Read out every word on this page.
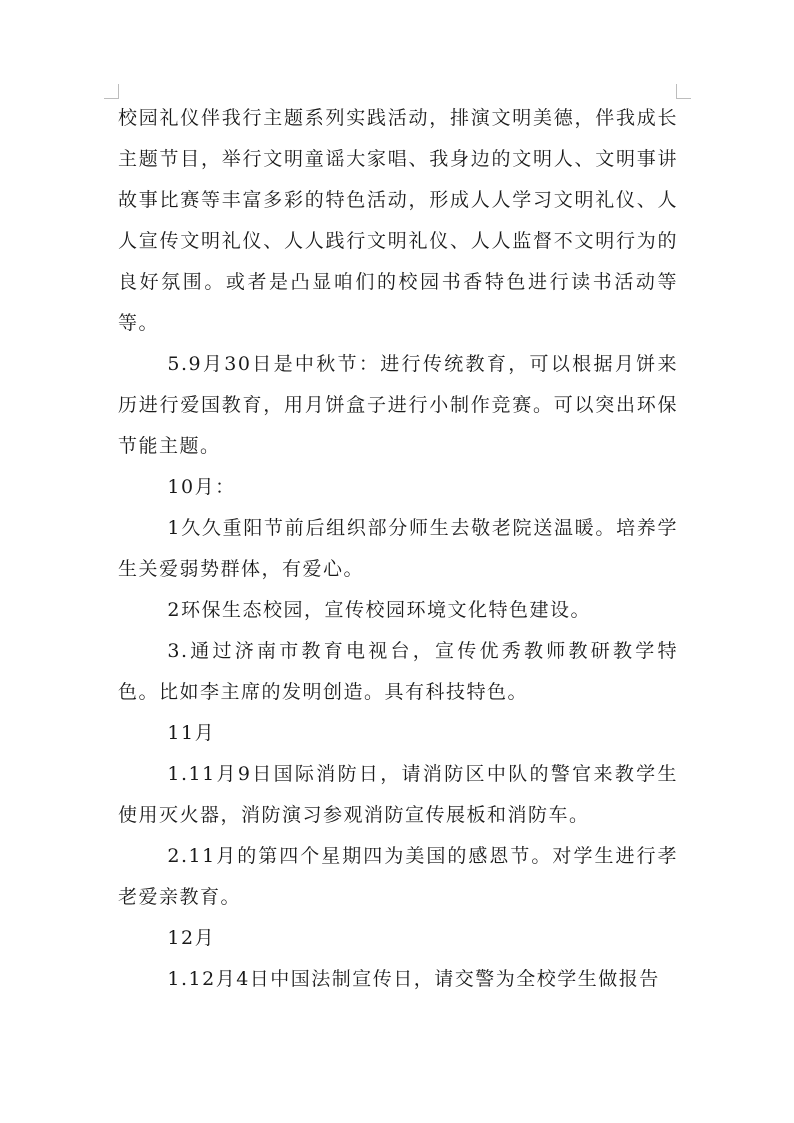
校园礼仪伴我行主题系列实践活动，排演文明美德，伴我成长主题节目，举行文明童谣大家唱、我身边的文明人、文明事讲故事比赛等丰富多彩的特色活动，形成人人学习文明礼仪、人人宣传文明礼仪、人人践行文明礼仪、人人监督不文明行为的良好氛围。或者是凸显咱们的校园书香特色进行读书活动等等。

5.9月30日是中秋节：进行传统教育，可以根据月饼来历进行爱国教育，用月饼盒子进行小制作竞赛。可以突出环保节能主题。

10月：

1久久重阳节前后组织部分师生去敬老院送温暖。培养学生关爱弱势群体，有爱心。

2环保生态校园，宣传校园环境文化特色建设。

3.通过济南市教育电视台，宣传优秀教师教研教学特色。比如李主席的发明创造。具有科技特色。

11月

1.11月9日国际消防日，请消防区中队的警官来教学生使用灭火器，消防演习参观消防宣传展板和消防车。

2.11月的第四个星期四为美国的感恩节。对学生进行孝老爱亲教育。

12月

1.12月4日中国法制宣传日，请交警为全校学生做报告
